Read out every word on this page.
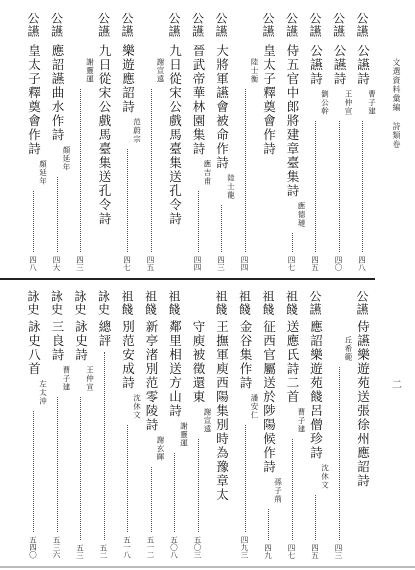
文選資料彙編詩類卷
二
公讌
公讌詩
曹子建
四八
公讌
公讌詩
王仲宣
四〇
公讌
公讌詩
劉公幹
四五
公讌
侍五官中郎將建章臺集詩
應德璉
四七
公讌
皇太子釋奠會作詩
陸士衡
四四
公讌
大將軍讌會被命作詩
陸士龍
四三
公讌
晉武帝華林園集詩
應吉甫
四四
公讌
九日從宋公戲馬臺集送孔令詩
謝宣遠
四五
公讌
樂遊應詔詩
范蔚宗
四七
公讌
九日從宋公戲馬臺集送孔令詩
謝靈運
四三
公讌
應詔讌曲水作詩
顏延年
四大
公讌
皇太子釋奠會作詩
顏延年
四八
公讌
侍讌樂遊苑送張徐州應詔詩
丘希範
四三
公讌
應詔樂遊苑餞呂僧珍詩
沈休文
四五
祖餞
送應氏詩二首
曹子建
四七
祖餞
征西官屬送於陟陽候作詩
孫子荊
四九
祖餞
金谷集作詩
潘安仁
四九三
祖餞
王撫軍庾西陽集別時為豫章太
守庾被徵還東
謝宣遠
五〇三
祖餞
鄰里相送方山詩
謝靈運
五〇八
祖餞
新亭渚別范零陵詩
謝玄暉
五一二
祖餞
別范安成詩
沈休文
五一八
詠史
總評
五二
詠史
詠史詩
王仲宣
五三
詠史
三良詩
曹子建
五三六
詠史
詠史八首
左太沖
五四〇
